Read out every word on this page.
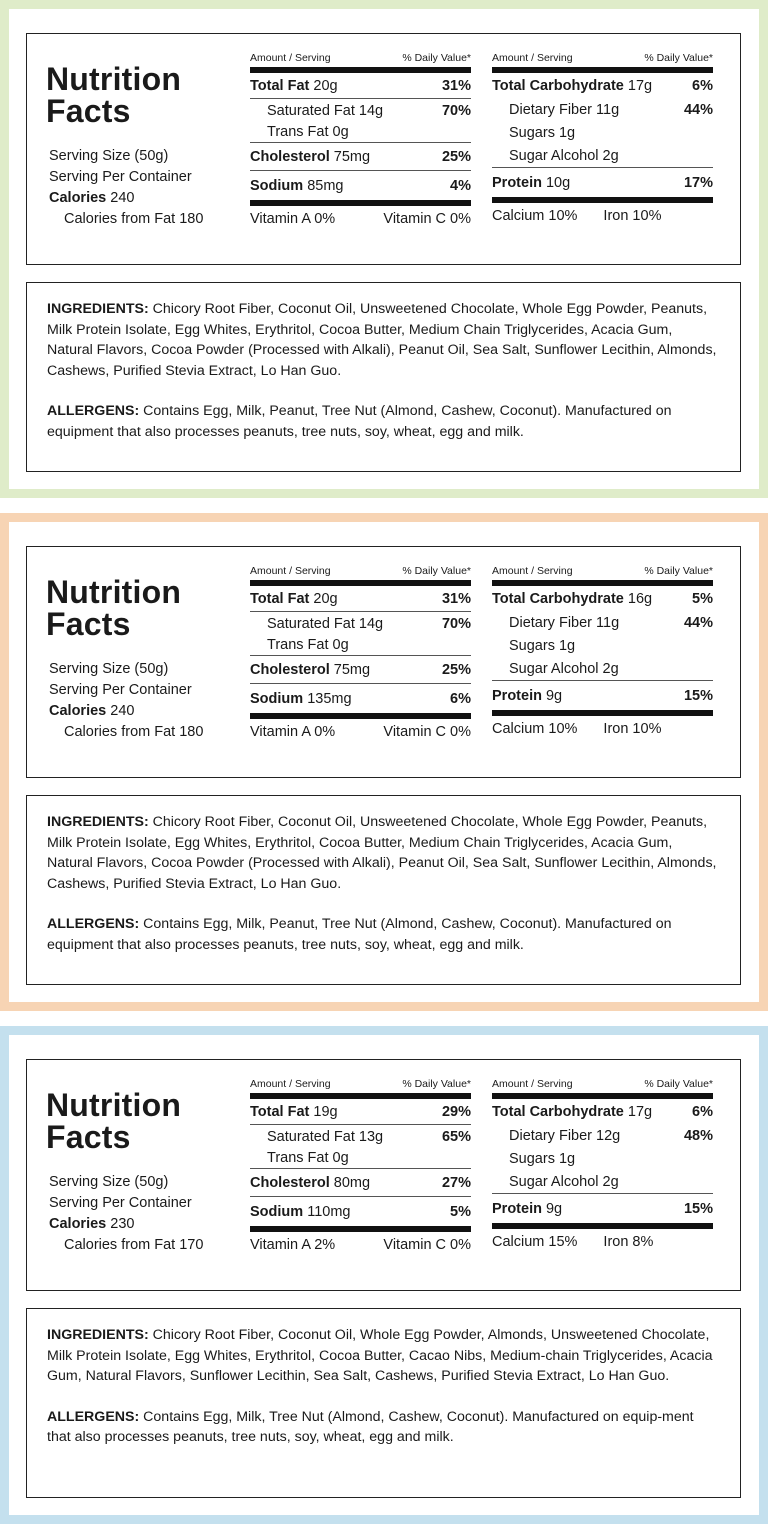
Nutrition
Facts
Serving Size (50g)
Serving Per Container
Calories 240
Calories from Fat 180
Amount / Serving	% Daily Value*
Total Fat 20g	31%
Saturated Fat 14g	70%
Trans Fat 0g
Cholesterol 75mg	25%
Sodium 85mg	4%
Vitamin A 0%	Vitamin C 0%
Amount / Serving	% Daily Value*
Total Carbohydrate 17g	6%
Dietary Fiber 11g	44%
Sugars 1g
Sugar Alcohol 2g
Protein 10g	17%
Calcium 10% Iron 10%

INGREDIENTS: Chicory Root Fiber, Coconut Oil, Unsweetened Chocolate, Whole Egg Powder, Peanuts, Milk Protein Isolate, Egg Whites, Erythritol, Cocoa Butter, Medium Chain Triglycerides, Acacia Gum, Natural Flavors, Cocoa Powder (Processed with Alkali), Peanut Oil, Sea Salt, Sunflower Lecithin, Almonds, Cashews, Purified Stevia Extract, Lo Han Guo.

ALLERGENS: Contains Egg, Milk, Peanut, Tree Nut (Almond, Cashew, Coconut). Manufactured on equipment that also processes peanuts, tree nuts, soy, wheat, egg and milk.

Nutrition
Facts
Serving Size (50g)
Serving Per Container
Calories 240
Calories from Fat 180
Amount / Serving	% Daily Value*
Total Fat 20g	31%
Saturated Fat 14g	70%
Trans Fat 0g
Cholesterol 75mg	25%
Sodium 135mg	6%
Vitamin A 0%	Vitamin C 0%
Amount / Serving	% Daily Value*
Total Carbohydrate 16g	5%
Dietary Fiber 11g	44%
Sugars 1g
Sugar Alcohol 2g
Protein 9g	15%
Calcium 10% Iron 10%

INGREDIENTS: Chicory Root Fiber, Coconut Oil, Unsweetened Chocolate, Whole Egg Powder, Peanuts, Milk Protein Isolate, Egg Whites, Erythritol, Cocoa Butter, Medium Chain Triglycerides, Acacia Gum, Natural Flavors, Cocoa Powder (Processed with Alkali), Peanut Oil, Sea Salt, Sunflower Lecithin, Almonds, Cashews, Purified Stevia Extract, Lo Han Guo.

ALLERGENS: Contains Egg, Milk, Peanut, Tree Nut (Almond, Cashew, Coconut). Manufactured on equipment that also processes peanuts, tree nuts, soy, wheat, egg and milk.

Nutrition
Facts
Serving Size (50g)
Serving Per Container
Calories 230
Calories from Fat 170
Amount / Serving	% Daily Value*
Total Fat 19g	29%
Saturated Fat 13g	65%
Trans Fat 0g
Cholesterol 80mg	27%
Sodium 110mg	5%
Vitamin A 2%	Vitamin C 0%
Amount / Serving	% Daily Value*
Total Carbohydrate 17g	6%
Dietary Fiber 12g	48%
Sugars 1g
Sugar Alcohol 2g
Protein 9g	15%
Calcium 15% Iron 8%

INGREDIENTS: Chicory Root Fiber, Coconut Oil, Whole Egg Powder, Almonds, Unsweetened Chocolate, Milk Protein Isolate, Egg Whites, Erythritol, Cocoa Butter, Cacao Nibs, Medium-chain Triglycerides, Acacia Gum, Natural Flavors, Sunflower Lecithin, Sea Salt, Cashews, Purified Stevia Extract, Lo Han Guo.

ALLERGENS: Contains Egg, Milk, Tree Nut (Almond, Cashew, Coconut). Manufactured on equip-ment that also processes peanuts, tree nuts, soy, wheat, egg and milk.
